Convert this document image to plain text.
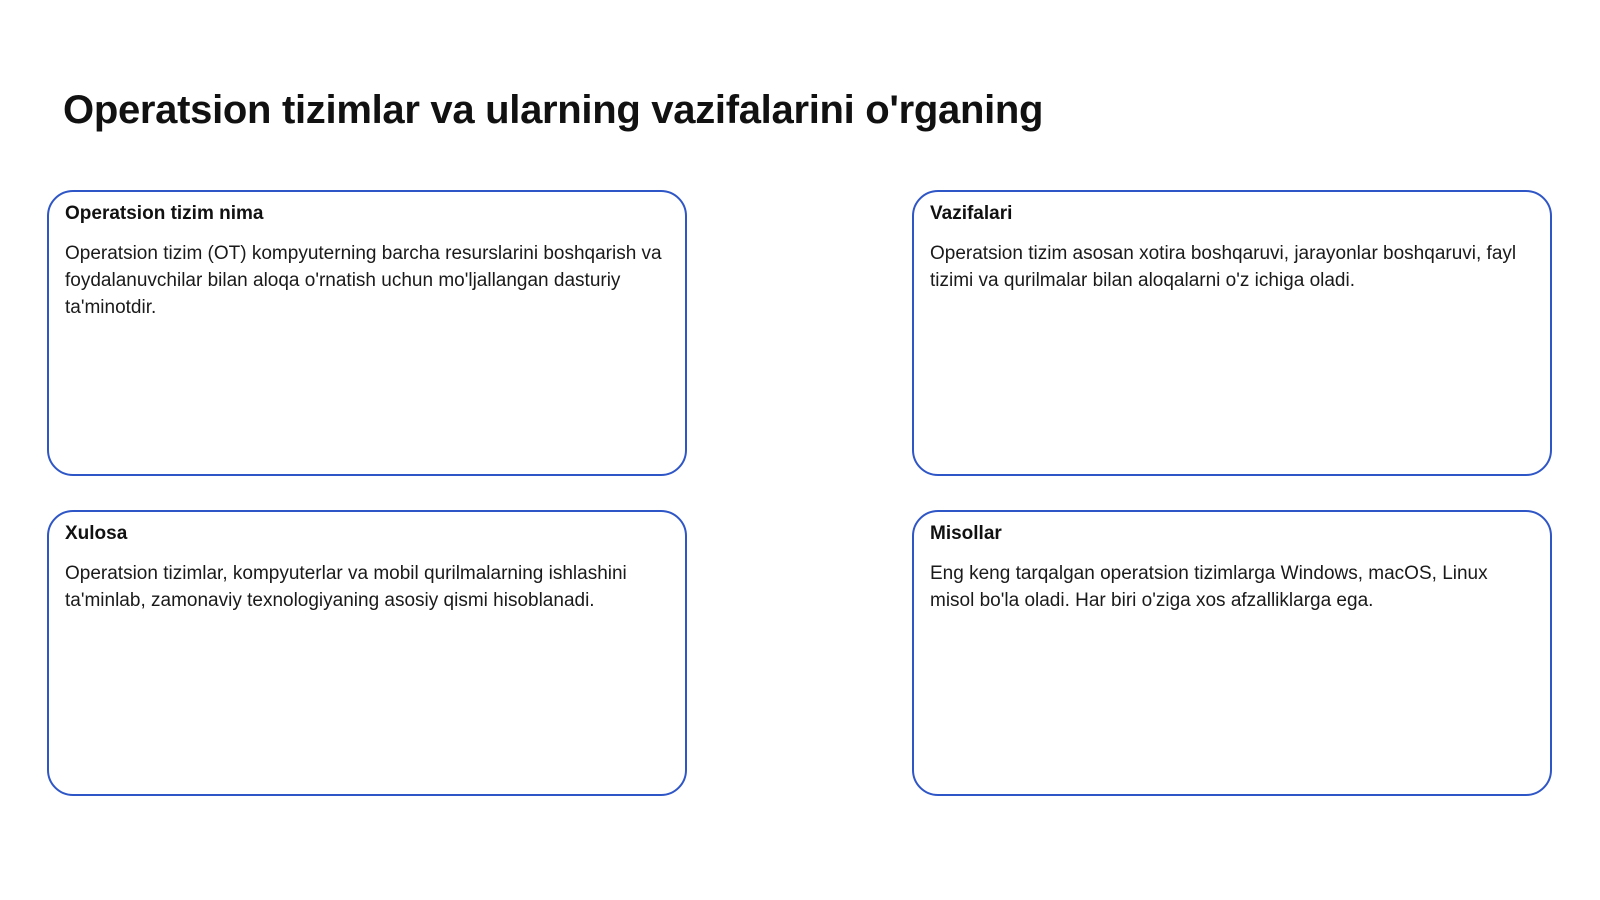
Operatsion tizimlar va ularning vazifalarini o'rganing
Operatsion tizim nima

Operatsion tizim (OT) kompyuterning barcha resurslarini boshqarish va foydalanuvchilar bilan aloqa o'rnatish uchun mo'ljallangan dasturiy ta'minotdir.

Vazifalari

Operatsion tizim asosan xotira boshqaruvi, jarayonlar boshqaruvi, fayl tizimi va qurilmalar bilan aloqalarni o'z ichiga oladi.

Xulosa

Operatsion tizimlar, kompyuterlar va mobil qurilmalarning ishlashini ta'minlab, zamonaviy texnologiyaning asosiy qismi hisoblanadi.

Misollar

Eng keng tarqalgan operatsion tizimlarga Windows, macOS, Linux misol bo'la oladi. Har biri o'ziga xos afzalliklarga ega.
